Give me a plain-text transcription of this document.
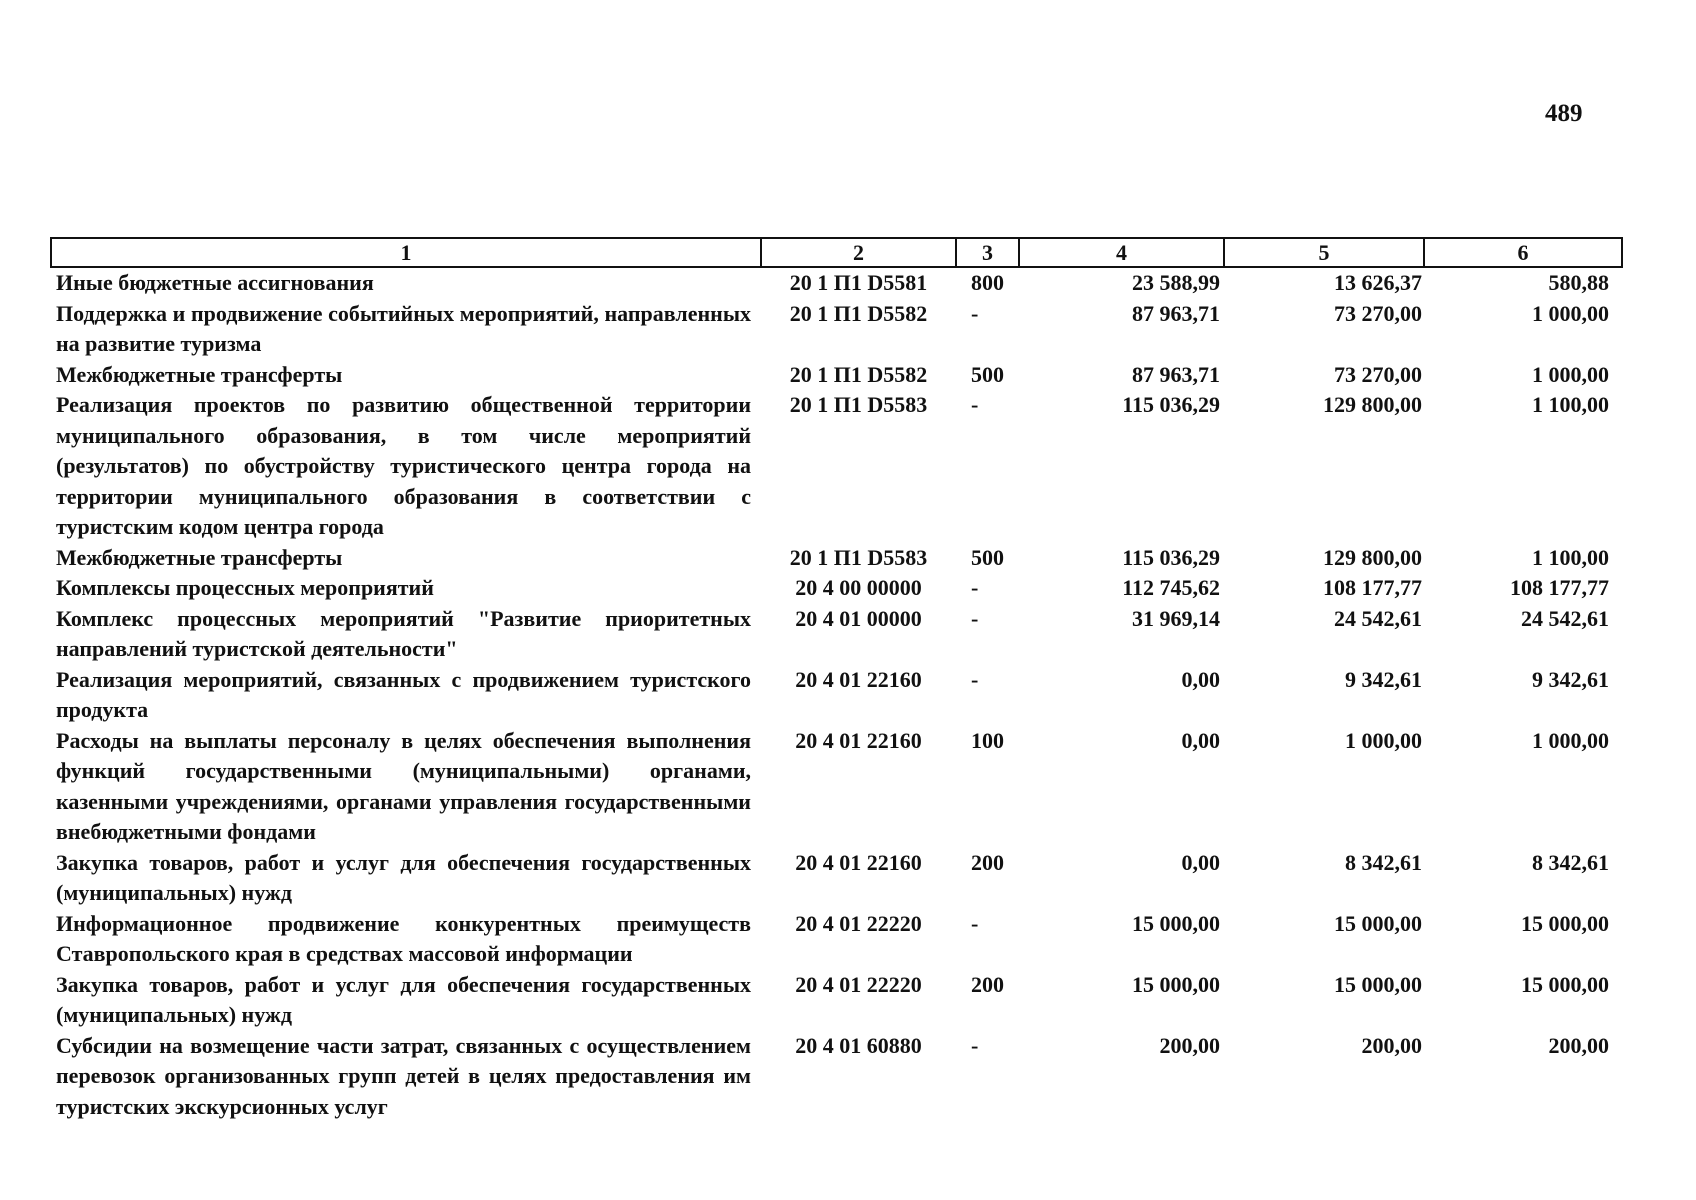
489
1	2	3	4	5	6
Иные бюджетные ассигнования	20 1 П1 D5581	800	23 588,99	13 626,37	580,88
Поддержка и продвижение событийных мероприятий, направленных на развитие туризма	20 1 П1 D5582	-	87 963,71	73 270,00	1 000,00
Межбюджетные трансферты	20 1 П1 D5582	500	87 963,71	73 270,00	1 000,00
Реализация проектов по развитию общественной территории муниципального образования, в том числе мероприятий (результатов) по обустройству туристического центра города на территории муниципального образования в соответствии с туристским кодом центра города	20 1 П1 D5583	-	115 036,29	129 800,00	1 100,00
Межбюджетные трансферты	20 1 П1 D5583	500	115 036,29	129 800,00	1 100,00
Комплексы процессных мероприятий	20 4 00 00000	-	112 745,62	108 177,77	108 177,77
Комплекс процессных мероприятий "Развитие приоритетных направлений туристской деятельности"	20 4 01 00000	-	31 969,14	24 542,61	24 542,61
Реализация мероприятий, связанных с продвижением туристского продукта	20 4 01 22160	-	0,00	9 342,61	9 342,61
Расходы на выплаты персоналу в целях обеспечения выполнения функций государственными (муниципальными) органами, казенными учреждениями, органами управления государственными внебюджетными фондами	20 4 01 22160	100	0,00	1 000,00	1 000,00
Закупка товаров, работ и услуг для обеспечения государственных (муниципальных) нужд	20 4 01 22160	200	0,00	8 342,61	8 342,61
Информационное продвижение конкурентных преимуществ Ставропольского края в средствах массовой информации	20 4 01 22220	-	15 000,00	15 000,00	15 000,00
Закупка товаров, работ и услуг для обеспечения государственных (муниципальных) нужд	20 4 01 22220	200	15 000,00	15 000,00	15 000,00
Субсидии на возмещение части затрат, связанных с осуществлением перевозок организованных групп детей в целях предоставления им туристских экскурсионных услуг	20 4 01 60880	-	200,00	200,00	200,00
